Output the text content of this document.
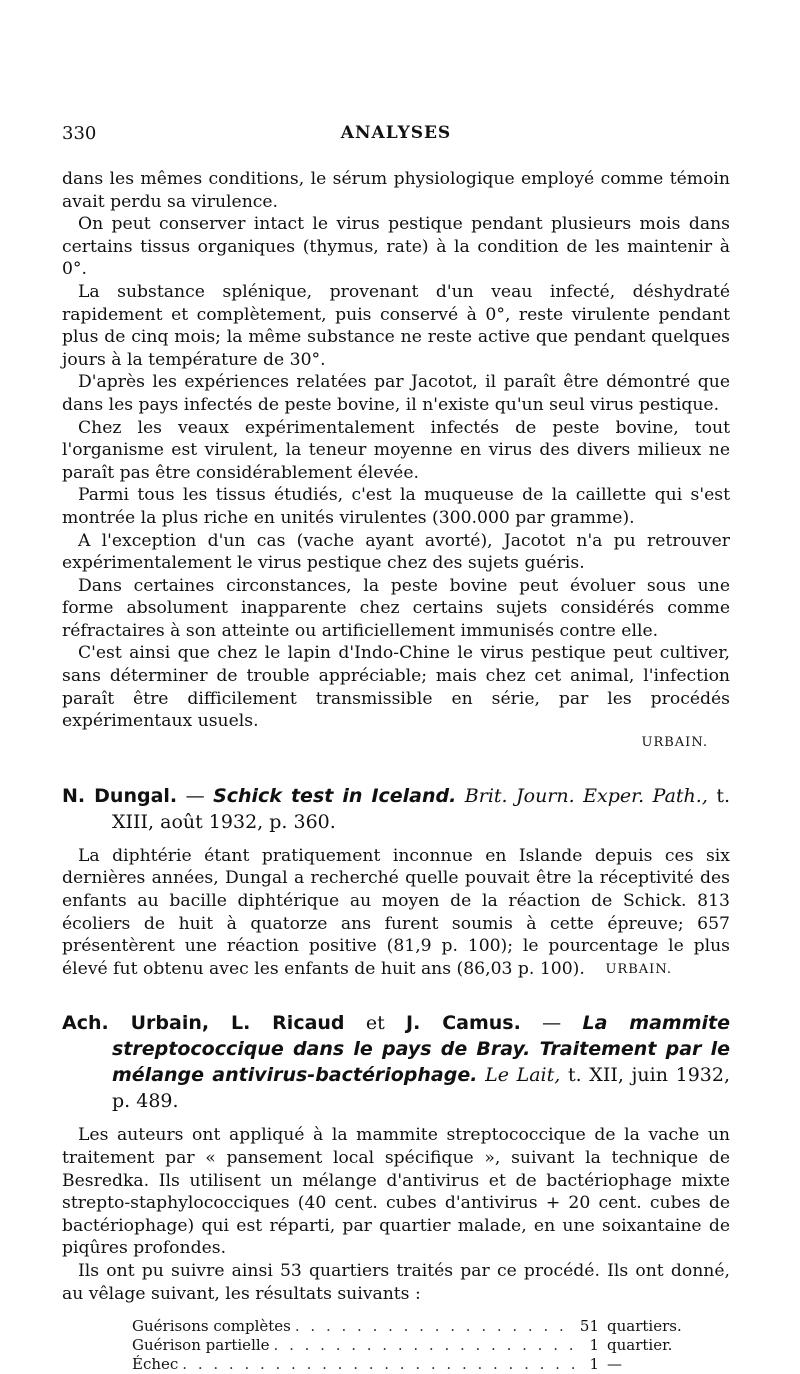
330	ANALYSES

dans les mêmes conditions, le sérum physiologique employé comme témoin avait perdu sa virulence.

On peut conserver intact le virus pestique pendant plusieurs mois dans certains tissus organiques (thymus, rate) à la condition de les maintenir à 0°.

La substance splénique, provenant d'un veau infecté, déshydraté rapidement et complètement, puis conservé à 0°, reste virulente pendant plus de cinq mois; la même substance ne reste active que pendant quelques jours à la température de 30°.

D'après les expériences relatées par Jacotot, il paraît être démontré que dans les pays infectés de peste bovine, il n'existe qu'un seul virus pestique.

Chez les veaux expérimentalement infectés de peste bovine, tout l'organisme est virulent, la teneur moyenne en virus des divers milieux ne paraît pas être considérablement élevée.

Parmi tous les tissus étudiés, c'est la muqueuse de la caillette qui s'est montrée la plus riche en unités virulentes (300.000 par gramme).

A l'exception d'un cas (vache ayant avorté), Jacotot n'a pu retrouver expérimentalement le virus pestique chez des sujets guéris.

Dans certaines circonstances, la peste bovine peut évoluer sous une forme absolument inapparente chez certains sujets considérés comme réfractaires à son atteinte ou artificiellement immunisés contre elle.

C'est ainsi que chez le lapin d'Indo-Chine le virus pestique peut cultiver, sans déterminer de trouble appréciable; mais chez cet animal, l'infection paraît être difficilement transmissible en série, par les procédés expérimentaux usuels.

URBAIN.

N. Dungal. — Schick test in Iceland. Brit. Journ. Exper. Path., t. XIII, août 1932, p. 360.

La diphtérie étant pratiquement inconnue en Islande depuis ces six dernières années, Dungal a recherché quelle pouvait être la réceptivité des enfants au bacille diphtérique au moyen de la réaction de Schick. 813 écoliers de huit à quatorze ans furent soumis à cette épreuve; 657 présentèrent une réaction positive (81,9 p. 100); le pourcentage le plus élevé fut obtenu avec les enfants de huit ans (86,03 p. 100).	URBAIN.

Ach. Urbain, L. Ricaud et J. Camus. — La mammite streptococcique dans le pays de Bray. Traitement par le mélange antivirus-bactériophage. Le Lait, t. XII, juin 1932, p. 489.

Les auteurs ont appliqué à la mammite streptococcique de la vache un traitement par « pansement local spécifique », suivant la technique de Besredka. Ils utilisent un mélange d'antivirus et de bactériophage mixte strepto-staphylococciques (40 cent. cubes d'antivirus + 20 cent. cubes de bactériophage) qui est réparti, par quartier malade, en une soixantaine de piqûres profondes.

Ils ont pu suivre ainsi 53 quartiers traités par ce procédé. Ils ont donné, au vêlage suivant, les résultats suivants :

Guérisons complètes . . .	51 quartiers.
Guérison partielle . . .	1 quartier.
Échec . . .	1 —
